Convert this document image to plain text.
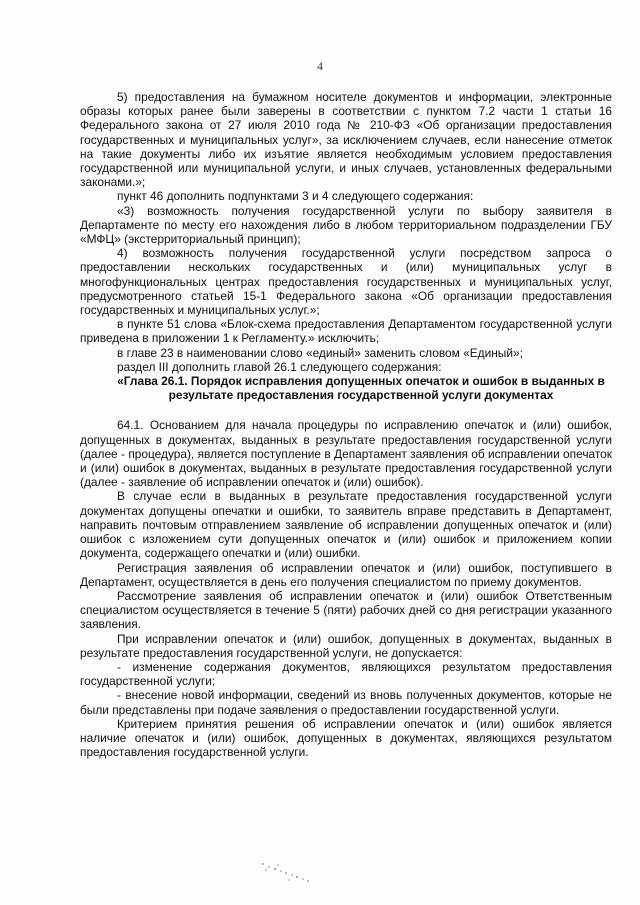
4

5) предоставления на бумажном носителе документов и информации, электронные образы которых ранее были заверены в соответствии с пунктом 7.2 части 1 статьи 16 Федерального закона от 27 июля 2010 года № 210-ФЗ «Об организации предоставления государственных и муниципальных услуг», за исключением случаев, если нанесение отметок на такие документы либо их изъятие является необходимым условием предоставления государственной или муниципальной услуги, и иных случаев, установленных федеральными законами.»;

пункт 46 дополнить подпунктами 3 и 4 следующего содержания:

«3) возможность получения государственной услуги по выбору заявителя в Департаменте по месту его нахождения либо в любом территориальном подразделении ГБУ «МФЦ» (экстерриториальный принцип);

4) возможность получения государственной услуги посредством запроса о предоставлении нескольких государственных и (или) муниципальных услуг в многофункциональных центрах предоставления государственных и муниципальных услуг, предусмотренного статьей 15-1 Федерального закона «Об организации предоставления государственных и муниципальных услуг.»;

в пункте 51 слова «Блок-схема предоставления Департаментом государственной услуги приведена в приложении 1 к Регламенту.» исключить;

в главе 23 в наименовании слово «единый» заменить словом «Единый»;

раздел III дополнить главой 26.1 следующего содержания:

«Глава 26.1. Порядок исправления допущенных опечаток и ошибок в выданных в результате предоставления государственной услуги документах

64.1. Основанием для начала процедуры по исправлению опечаток и (или) ошибок, допущенных в документах, выданных в результате предоставления государственной услуги (далее - процедура), является поступление в Департамент заявления об исправлении опечаток и (или) ошибок в документах, выданных в результате предоставления государственной услуги (далее - заявление об исправлении опечаток и (или) ошибок).

В случае если в выданных в результате предоставления государственной услуги документах допущены опечатки и ошибки, то заявитель вправе представить в Департамент, направить почтовым отправлением заявление об исправлении допущенных опечаток и (или) ошибок с изложением сути допущенных опечаток и (или) ошибок и приложением копии документа, содержащего опечатки и (или) ошибки.

Регистрация заявления об исправлении опечаток и (или) ошибок, поступившего в Департамент, осуществляется в день его получения специалистом по приему документов.

Рассмотрение заявления об исправлении опечаток и (или) ошибок Ответственным специалистом осуществляется в течение 5 (пяти) рабочих дней со дня регистрации указанного заявления.

При исправлении опечаток и (или) ошибок, допущенных в документах, выданных в результате предоставления государственной услуги, не допускается:

- изменение содержания документов, являющихся результатом предоставления государственной услуги;

- внесение новой информации, сведений из вновь полученных документов, которые не были представлены при подаче заявления о предоставлении государственной услуги.

Критерием принятия решения об исправлении опечаток и (или) ошибок является наличие опечаток и (или) ошибок, допущенных в документах, являющихся результатом предоставления государственной услуги.
